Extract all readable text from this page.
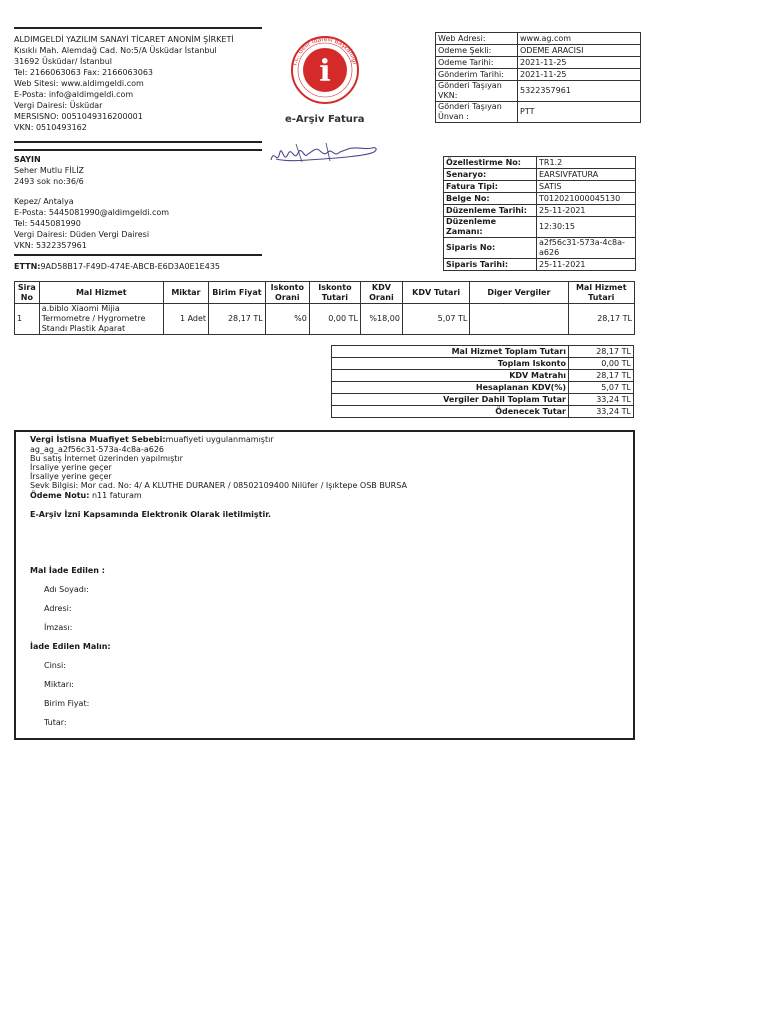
ALDIMGELDİ YAZILIM SANAYİ TİCARET ANONİM ŞİRKETİ
Kısıklı Mah. Alemdağ Cad. No:5/A Üsküdar İstanbul
31692 Üsküdar/ İstanbul
Tel: 2166063063 Fax: 2166063063
Web Sitesi: www.aldimgeldi.com
E-Posta: info@aldimgeldi.com
Vergi Dairesi: Üsküdar
MERSISNO: 0051049316200001
VKN: 0510493162
T.C. Gelir İdaresi Başkanlığı
i
e-Arşiv Fatura
Web Adresi:	www.ag.com
Odeme Şekli:	ODEME ARACISI
Odeme Tarihi:	2021-11-25
Gönderim Tarihi:	2021-11-25
Gönderi Taşıyan VKN:	5322357961
Gönderi Taşıyan Ünvan :	PTT
SAYIN
Seher Mutlu FİLİZ
2493 sok no:36/6
Kepez/ Antalya
E-Posta: 5445081990@aldimgeldi.com
Tel: 5445081990
Vergi Dairesi: Düden Vergi Dairesi
VKN: 5322357961
ETTN:9AD58B17-F49D-474E-ABCB-E6D3A0E1E435
Özellestirme No:	TR1.2
Senaryo:	EARSIVFATURA
Fatura Tipi:	SATIS
Belge No:	T012021000045130
Düzenleme Tarihi:	25-11-2021
Düzenleme Zamanı:	12:30:15
Siparis No:	a2f56c31-573a-4c8a-a626
Siparis Tarihi:	25-11-2021
Sira No	Mal Hizmet	Miktar	Birim Fiyat	Iskonto Orani	Iskonto Tutari	KDV Orani	KDV Tutari	Diger Vergiler	Mal Hizmet Tutari
1	a.biblo Xiaomi Mijia Termometre / Hygrometre Standı Plastik Aparat	1 Adet	28,17 TL	%0	0,00 TL	%18,00	5,07 TL		28,17 TL
Mal Hizmet Toplam Tutarı	28,17 TL
Toplam Iskonto	0,00 TL
KDV Matrahı	28,17 TL
Hesaplanan KDV(%)	5,07 TL
Vergiler Dahil Toplam Tutar	33,24 TL
Ödenecek Tutar	33,24 TL
Vergi İstisna Muafiyet Sebebi:muafiyeti uygulanmamıştır
ag_ag_a2f56c31-573a-4c8a-a626
Bu satış İnternet üzerinden yapılmıştır
İrsaliye yerine geçer
İrsaliye yerine geçer
Sevk Bilgisi: Mor cad. No: 4/ A KLUTHE DURANER / 08502109400 Nilüfer / Işıktepe OSB BURSA
Ödeme Notu: n11 faturam
E-Arşiv İzni Kapsamında Elektronik Olarak iletilmiştir.
Mal İade Edilen :
Adı Soyadı:
Adresi:
İmzası:
İade Edilen Malın:
Cinsi:
Miktarı:
Birim Fiyat:
Tutar:
